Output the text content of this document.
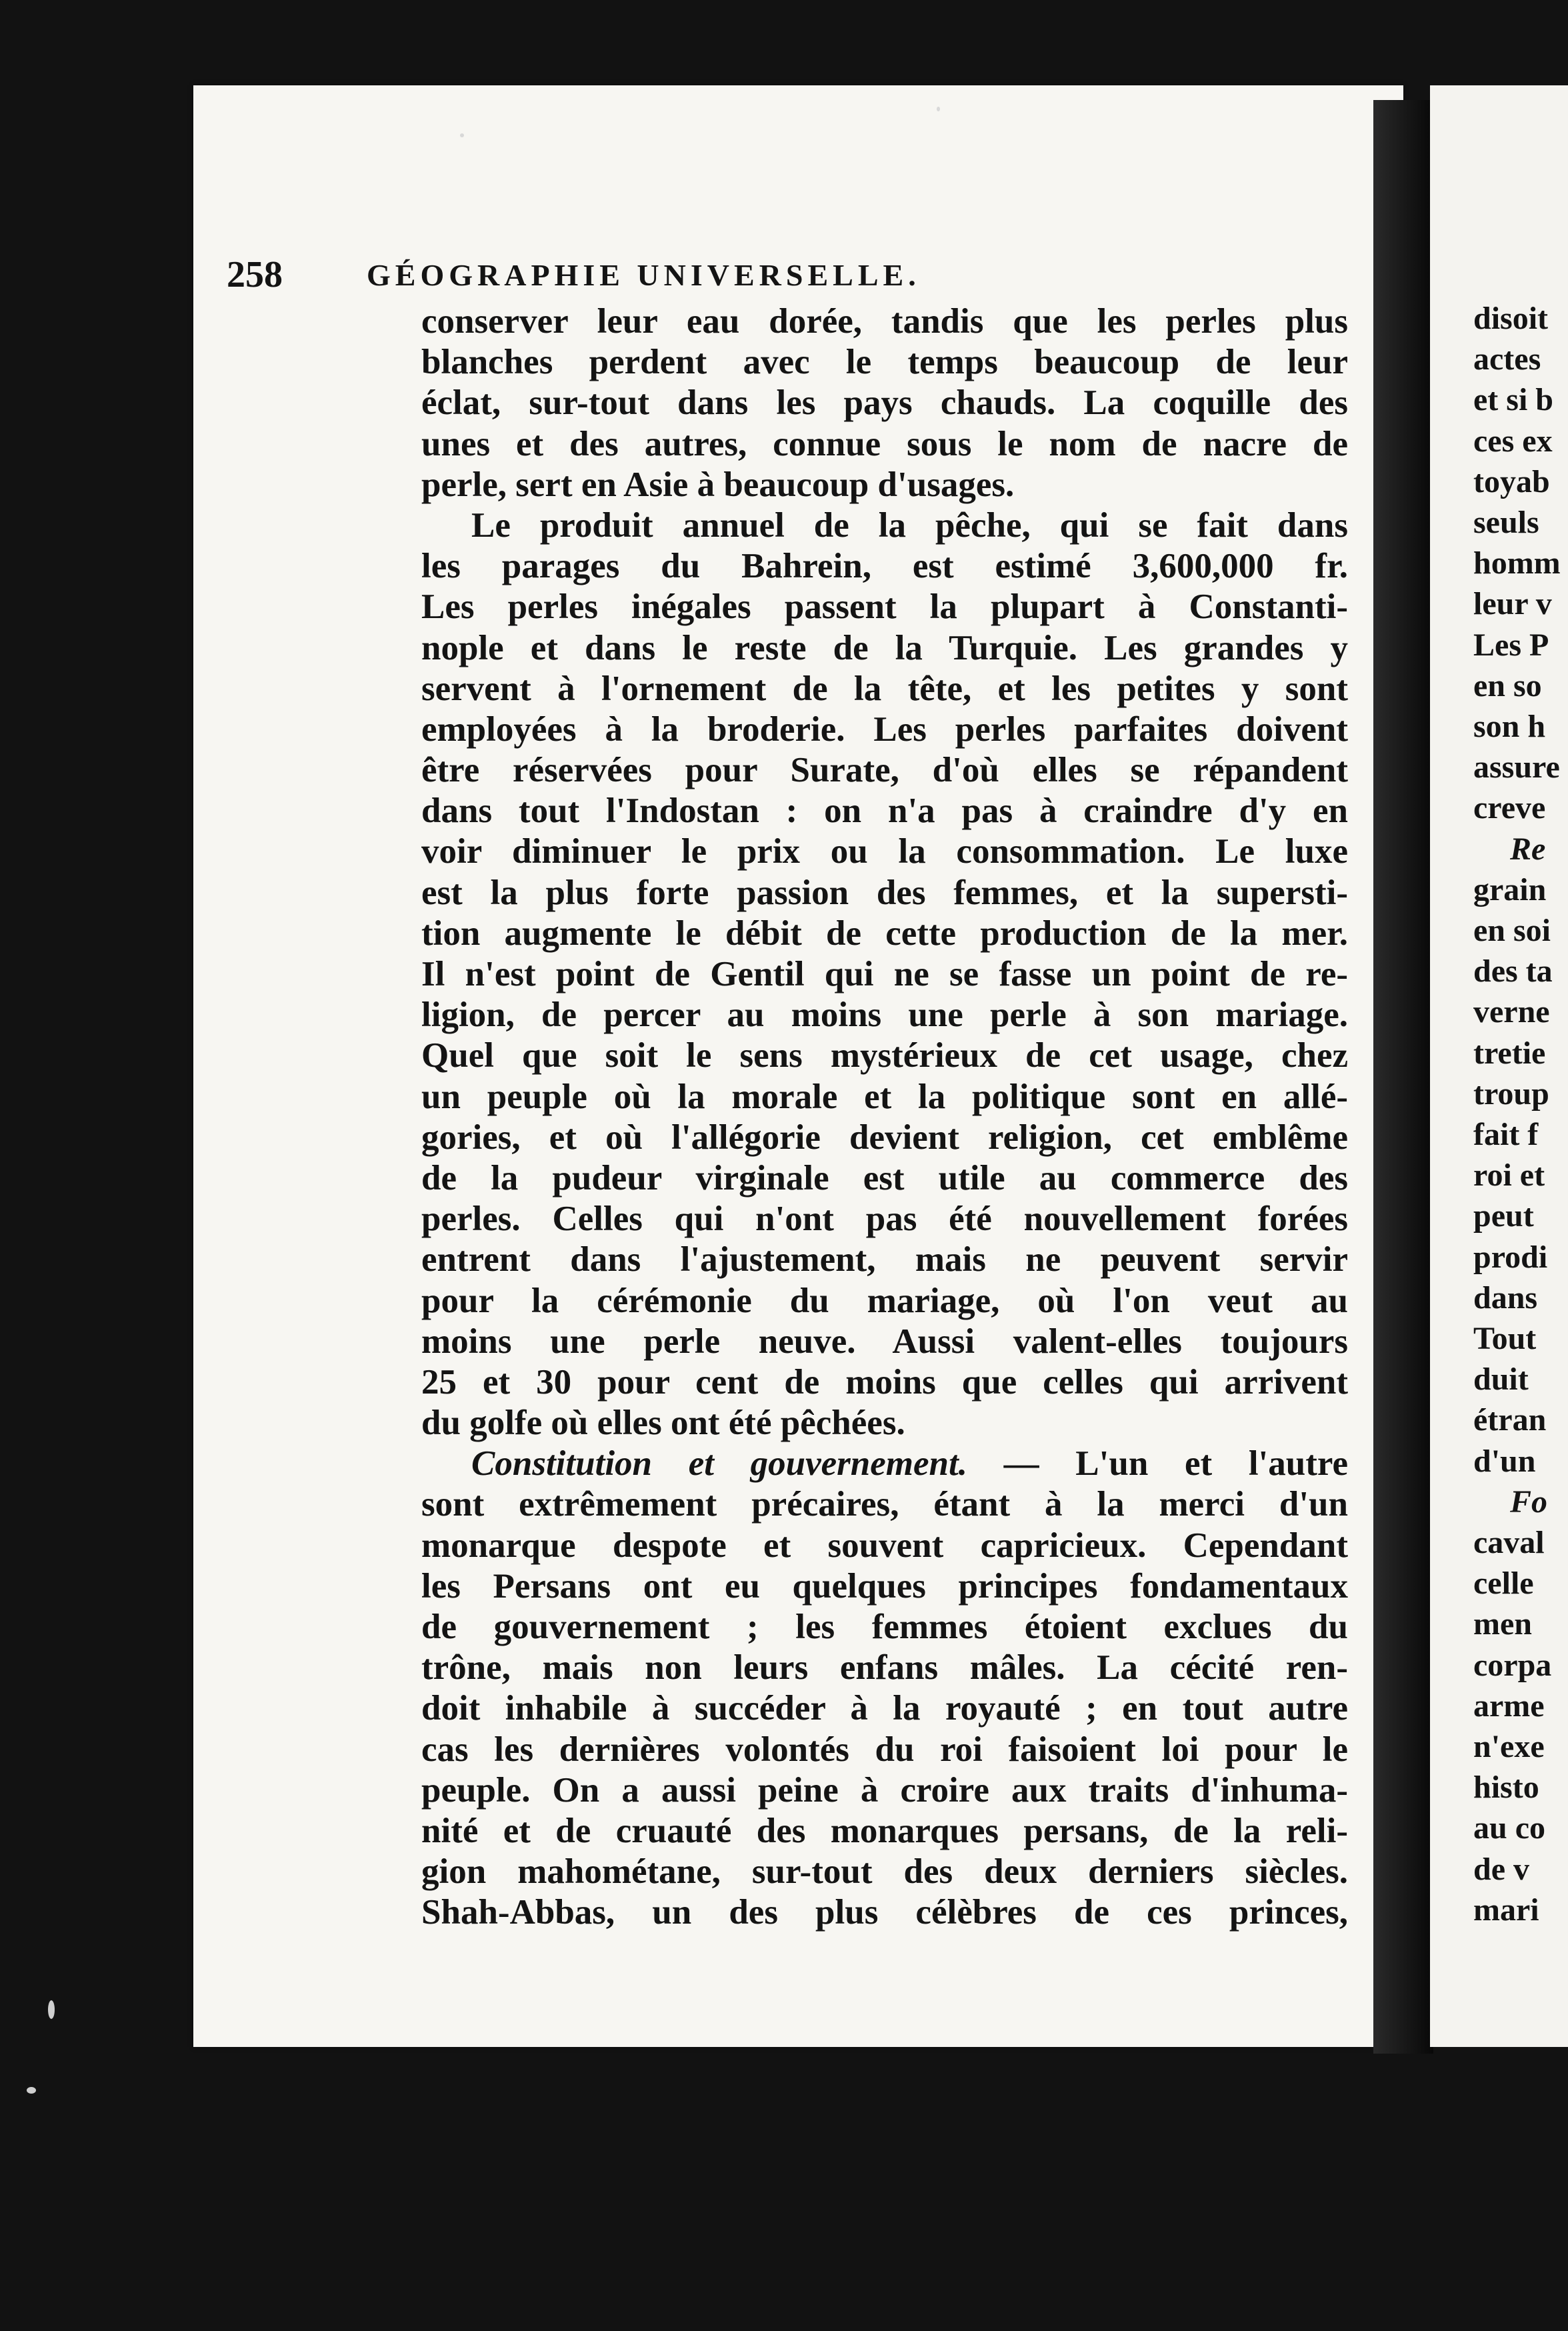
disoit
actes
et si b
ces ex
toyab
seuls
homm
leur v
Les P
en so
son h
assure
creve
Re
grain
en soi
des ta
verne
tretie
troup
fait f
roi et
peut
prodi
dans
Tout
duit
étran
d'un
Fo
caval
celle
men
corpa
arme
n'exe
histo
au co
de v
mari
258	GÉOGRAPHIE UNIVERSELLE.
conserver leur eau dorée, tandis que les perles plus
blanches perdent avec le temps beaucoup de leur
éclat, sur-tout dans les pays chauds. La coquille des
unes et des autres, connue sous le nom de nacre de
perle, sert en Asie à beaucoup d'usages.
Le produit annuel de la pêche, qui se fait dans
les parages du Bahrein, est estimé 3,600,000 fr.
Les perles inégales passent la plupart à Constanti-
nople et dans le reste de la Turquie. Les grandes y
servent à l'ornement de la tête, et les petites y sont
employées à la broderie. Les perles parfaites doivent
être réservées pour Surate, d'où elles se répandent
dans tout l'Indostan : on n'a pas à craindre d'y en
voir diminuer le prix ou la consommation. Le luxe
est la plus forte passion des femmes, et la supersti-
tion augmente le débit de cette production de la mer.
Il n'est point de Gentil qui ne se fasse un point de re-
ligion, de percer au moins une perle à son mariage.
Quel que soit le sens mystérieux de cet usage, chez
un peuple où la morale et la politique sont en allé-
gories, et où l'allégorie devient religion, cet emblême
de la pudeur virginale est utile au commerce des
perles. Celles qui n'ont pas été nouvellement forées
entrent dans l'ajustement, mais ne peuvent servir
pour la cérémonie du mariage, où l'on veut au
moins une perle neuve. Aussi valent-elles toujours
25 et 30 pour cent de moins que celles qui arrivent
du golfe où elles ont été pêchées.
Constitution et gouvernement. — L'un et l'autre
sont extrêmement précaires, étant à la merci d'un
monarque despote et souvent capricieux. Cependant
les Persans ont eu quelques principes fondamentaux
de gouvernement ; les femmes étoient exclues du
trône, mais non leurs enfans mâles. La cécité ren-
doit inhabile à succéder à la royauté ; en tout autre
cas les dernières volontés du roi faisoient loi pour le
peuple. On a aussi peine à croire aux traits d'inhuma-
nité et de cruauté des monarques persans, de la reli-
gion mahométane, sur-tout des deux derniers siècles.
Shah-Abbas, un des plus célèbres de ces princes,
